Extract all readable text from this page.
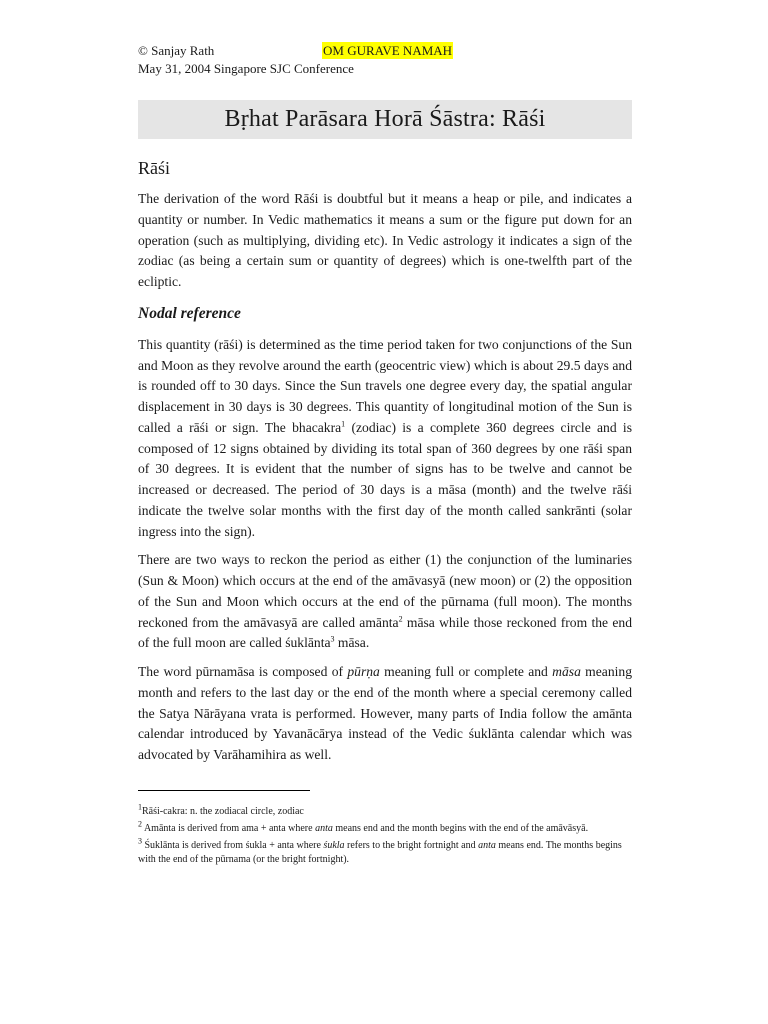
© Sanjay Rath	OM GURAVE NAMAH
May 31, 2004 Singapore SJC Conference
Bṛhat Parāsara Horā Śāstra: Rāśi
Rāśi

The derivation of the word Rāśi is doubtful but it means a heap or pile, and indicates a quantity or number. In Vedic mathematics it means a sum or the figure put down for an operation (such as multiplying, dividing etc). In Vedic astrology it indicates a sign of the zodiac (as being a certain sum or quantity of degrees) which is one-twelfth part of the ecliptic.

Nodal reference

This quantity (rāśi) is determined as the time period taken for two conjunctions of the Sun and Moon as they revolve around the earth (geocentric view) which is about 29.5 days and is rounded off to 30 days. Since the Sun travels one degree every day, the spatial angular displacement in 30 days is 30 degrees. This quantity of longitudinal motion of the Sun is called a rāśi or sign. The bhacakra$^1$ (zodiac) is a complete 360 degrees circle and is composed of 12 signs obtained by dividing its total span of 360 degrees by one rāśi span of 30 degrees. It is evident that the number of signs has to be twelve and cannot be increased or decreased. The period of 30 days is a māsa (month) and the twelve rāśi indicate the twelve solar months with the first day of the month called sankrānti (solar ingress into the sign).

There are two ways to reckon the period as either (1) the conjunction of the luminaries (Sun & Moon) which occurs at the end of the amāvasyā (new moon) or (2) the opposition of the Sun and Moon which occurs at the end of the pūrnama (full moon). The months reckoned from the amāvasyā are called amānta$^2$ māsa while those reckoned from the end of the full moon are called śuklānta$^3$ māsa.

The word pūrnamāsa is composed of pūrṇa meaning full or complete and māsa meaning month and refers to the last day or the end of the month where a special ceremony called the Satya Nārāyana vrata is performed. However, many parts of India follow the amānta calendar introduced by Yavanācārya instead of the Vedic śuklānta calendar which was advocated by Varāhamihira as well.

$^1$Rāśi-cakra: n. the zodiacal circle, zodiac
$^2$ Amānta is derived from ama + anta where anta means end and the month begins with the end of the amāvāsyā.
$^3$ Śuklānta is derived from śukla + anta where śukla refers to the bright fortnight and anta means end. The months begins with the end of the pūrnama (or the bright fortnight).
